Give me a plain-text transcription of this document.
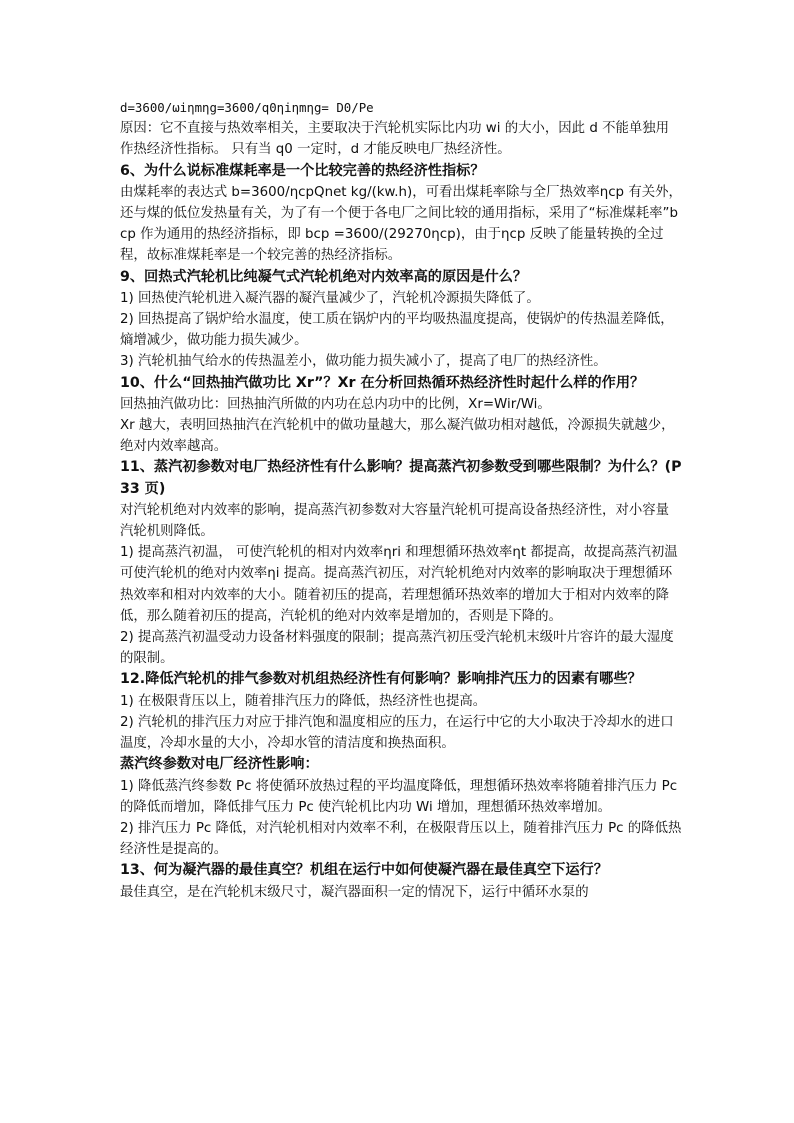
d=3600/ωiηmηg=3600/q0ηiηmηg= D0/Pe

原因：它不直接与热效率相关，主要取决于汽轮机实际比内功 wi 的大小，因此 d 不能单独用作热经济性指标。 只有当 q0 一定时，d 才能反映电厂热经济性。

6、为什么说标准煤耗率是一个比较完善的热经济性指标？

由煤耗率的表达式 b=3600/ηcpQnet kg/(kw.h)，可看出煤耗率除与全厂热效率ηcp 有关外，还与煤的低位发热量有关，为了有一个便于各电厂之间比较的通用指标，采用了“标准煤耗率”bcp 作为通用的热经济指标，即 bcp =3600/(29270ηcp)，由于ηcp 反映了能量转换的全过程，故标准煤耗率是一个较完善的热经济指标。

9、回热式汽轮机比纯凝气式汽轮机绝对内效率高的原因是什么？

1) 回热使汽轮机进入凝汽器的凝汽量减少了，汽轮机冷源损失降低了。

2) 回热提高了锅炉给水温度，使工质在锅炉内的平均吸热温度提高，使锅炉的传热温差降低，熵增减少，做功能力损失减少。

3) 汽轮机抽气给水的传热温差小，做功能力损失减小了，提高了电厂的热经济性。

10、什么“回热抽汽做功比 Xr”？Xr 在分析回热循环热经济性时起什么样的作用？

回热抽汽做功比：回热抽汽所做的内功在总内功中的比例，Xr=Wir/Wi。

Xr 越大，表明回热抽汽在汽轮机中的做功量越大，那么凝汽做功相对越低，冷源损失就越少，绝对内效率越高。

11、蒸汽初参数对电厂热经济性有什么影响？提高蒸汽初参数受到哪些限制？为什么？(P33 页)

对汽轮机绝对内效率的影响，提高蒸汽初参数对大容量汽轮机可提高设备热经济性，对小容量汽轮机则降低。

1) 提高蒸汽初温， 可使汽轮机的相对内效率ηri 和理想循环热效率ηt 都提高，故提高蒸汽初温可使汽轮机的绝对内效率ηi 提高。提高蒸汽初压，对汽轮机绝对内效率的影响取决于理想循环热效率和相对内效率的大小。随着初压的提高，若理想循环热效率的增加大于相对内效率的降低，那么随着初压的提高，汽轮机的绝对内效率是增加的，否则是下降的。

2) 提高蒸汽初温受动力设备材料强度的限制；提高蒸汽初压受汽轮机末级叶片容许的最大湿度的限制。

12.降低汽轮机的排气参数对机组热经济性有何影响？影响排汽压力的因素有哪些？

1) 在极限背压以上，随着排汽压力的降低，热经济性也提高。

2) 汽轮机的排汽压力对应于排汽饱和温度相应的压力，在运行中它的大小取决于冷却水的进口温度，冷却水量的大小，冷却水管的清洁度和换热面积。

蒸汽终参数对电厂经济性影响：

1) 降低蒸汽终参数 Pc 将使循环放热过程的平均温度降低，理想循环热效率将随着排汽压力 Pc 的降低而增加，降低排气压力 Pc 使汽轮机比内功 Wi 增加，理想循环热效率增加。

2) 排汽压力 Pc 降低，对汽轮机相对内效率不利，在极限背压以上，随着排汽压力 Pc 的降低热经济性是提高的。

13、何为凝汽器的最佳真空？机组在运行中如何使凝汽器在最佳真空下运行？

最佳真空，是在汽轮机末级尺寸，凝汽器面积一定的情况下，运行中循环水泵的
